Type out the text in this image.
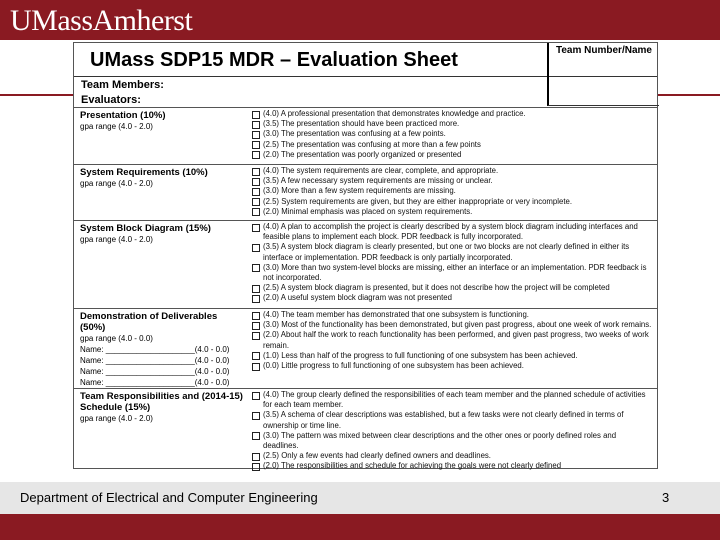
UMassAmherst
UMass SDP15 MDR – Evaluation Sheet	Team Number/Name
Team Members:
Evaluators:
Presentation (10%)
gpa range (4.0 - 2.0)
(4.0) A professional presentation that demonstrates knowledge and practice.
(3.5) The presentation should have been practiced more.
(3.0) The presentation was confusing at a few points.
(2.5) The presentation was confusing at more than a few points
(2.0) The presentation was poorly organized or presented
System Requirements (10%)
gpa range (4.0 - 2.0)
(4.0) The system requirements are clear, complete, and appropriate.
(3.5) A few necessary system requirements are missing or unclear.
(3.0) More than a few system requirements are missing.
(2.5) System requirements are given, but they are either inappropriate or very incomplete.
(2.0) Minimal emphasis was placed on system requirements.
System Block Diagram (15%)
gpa range (4.0 - 2.0)
(4.0) A plan to accomplish the project is clearly described by a system block diagram including interfaces and feasible plans to implement each block. PDR feedback is fully incorporated.
(3.5) A system block diagram is clearly presented, but one or two blocks are not clearly defined in either its interface or implementation. PDR feedback is only partially incorporated.
(3.0) More than two system-level blocks are missing, either an interface or an implementation. PDR feedback is not incorporated.
(2.5) A system block diagram is presented, but it does not describe how the project will be completed
(2.0) A useful system block diagram was not presented
Demonstration of Deliverables (50%)
gpa range (4.0 - 0.0)
Name: ____________________(4.0 - 0.0)
Name: ____________________(4.0 - 0.0)
Name: ____________________(4.0 - 0.0)
Name: ____________________(4.0 - 0.0)
(4.0) The team member has demonstrated that one subsystem is functioning.
(3.0) Most of the functionality has been demonstrated, but given past progress, about one week of work remains.
(2.0) About half the work to reach functionality has been performed, and given past progress, two weeks of work remain.
(1.0) Less than half of the progress to full functioning of one subsystem has been achieved.
(0.0) Little progress to full functioning of one subsystem has been achieved.
Team Responsibilities and (2014-15) Schedule (15%)
gpa range (4.0 - 2.0)
(4.0) The group clearly defined the responsibilities of each team member and the planned schedule of activities for each team member.
(3.5) A schema of clear descriptions was established, but a few tasks were not clearly defined in terms of ownership or time line.
(3.0) The pattern was mixed between clear descriptions and the other ones or poorly defined roles and deadlines.
(2.5) Only a few events had clearly defined owners and deadlines.
(2.0) The responsibilities and schedule for achieving the goals were not clearly defined
Department of Electrical and Computer Engineering	3
